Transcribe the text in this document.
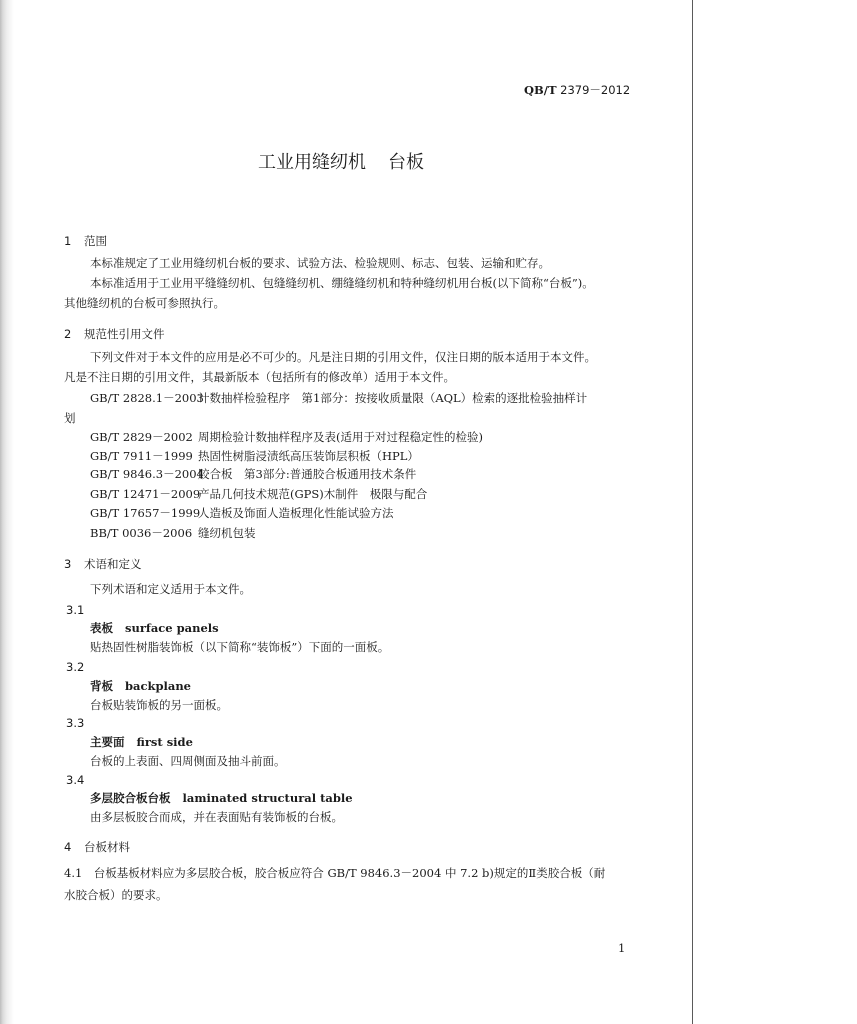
QB/T 2379－2012
工业用缝纫机 台板
1 范围
本标准规定了工业用缝纫机台板的要求、试验方法、检验规则、标志、包装、运输和贮存。
本标准适用于工业用平缝缝纫机、包缝缝纫机、绷缝缝纫机和特种缝纫机用台板(以下简称“台板”)。
其他缝纫机的台板可参照执行。
2 规范性引用文件
下列文件对于本文件的应用是必不可少的。凡是注日期的引用文件，仅注日期的版本适用于本文件。
凡是不注日期的引用文件，其最新版本（包括所有的修改单）适用于本文件。
GB/T 2828.1－2003计数抽样检验程序　第1部分：按接收质量限（AQL）检索的逐批检验抽样计
划
GB/T 2829－2002 周期检验计数抽样程序及表(适用于对过程稳定性的检验)
GB/T 7911－1999 热固性树脂浸渍纸高压装饰层积板（HPL）
GB/T 9846.3－2004胶合板　第3部分:普通胶合板通用技术条件
GB/T 12471－2009产品几何技术规范(GPS)木制件　极限与配合
GB/T 17657－1999人造板及饰面人造板理化性能试验方法
BB/T 0036－2006 缝纫机包装
3 术语和定义
下列术语和定义适用于本文件。
3.1
表板 surface panels
贴热固性树脂装饰板（以下简称“装饰板”）下面的一面板。
3.2
背板 backplane
台板贴装饰板的另一面板。
3.3
主要面 first side
台板的上表面、四周侧面及抽斗前面。
3.4
多层胶合板台板 laminated structural table
由多层板胶合而成，并在表面贴有装饰板的台板。
4 台板材料
4.1　台板基板材料应为多层胶合板，胶合板应符合 GB/T 9846.3－2004 中 7.2 b)规定的Ⅱ类胶合板（耐
水胶合板）的要求。
1
